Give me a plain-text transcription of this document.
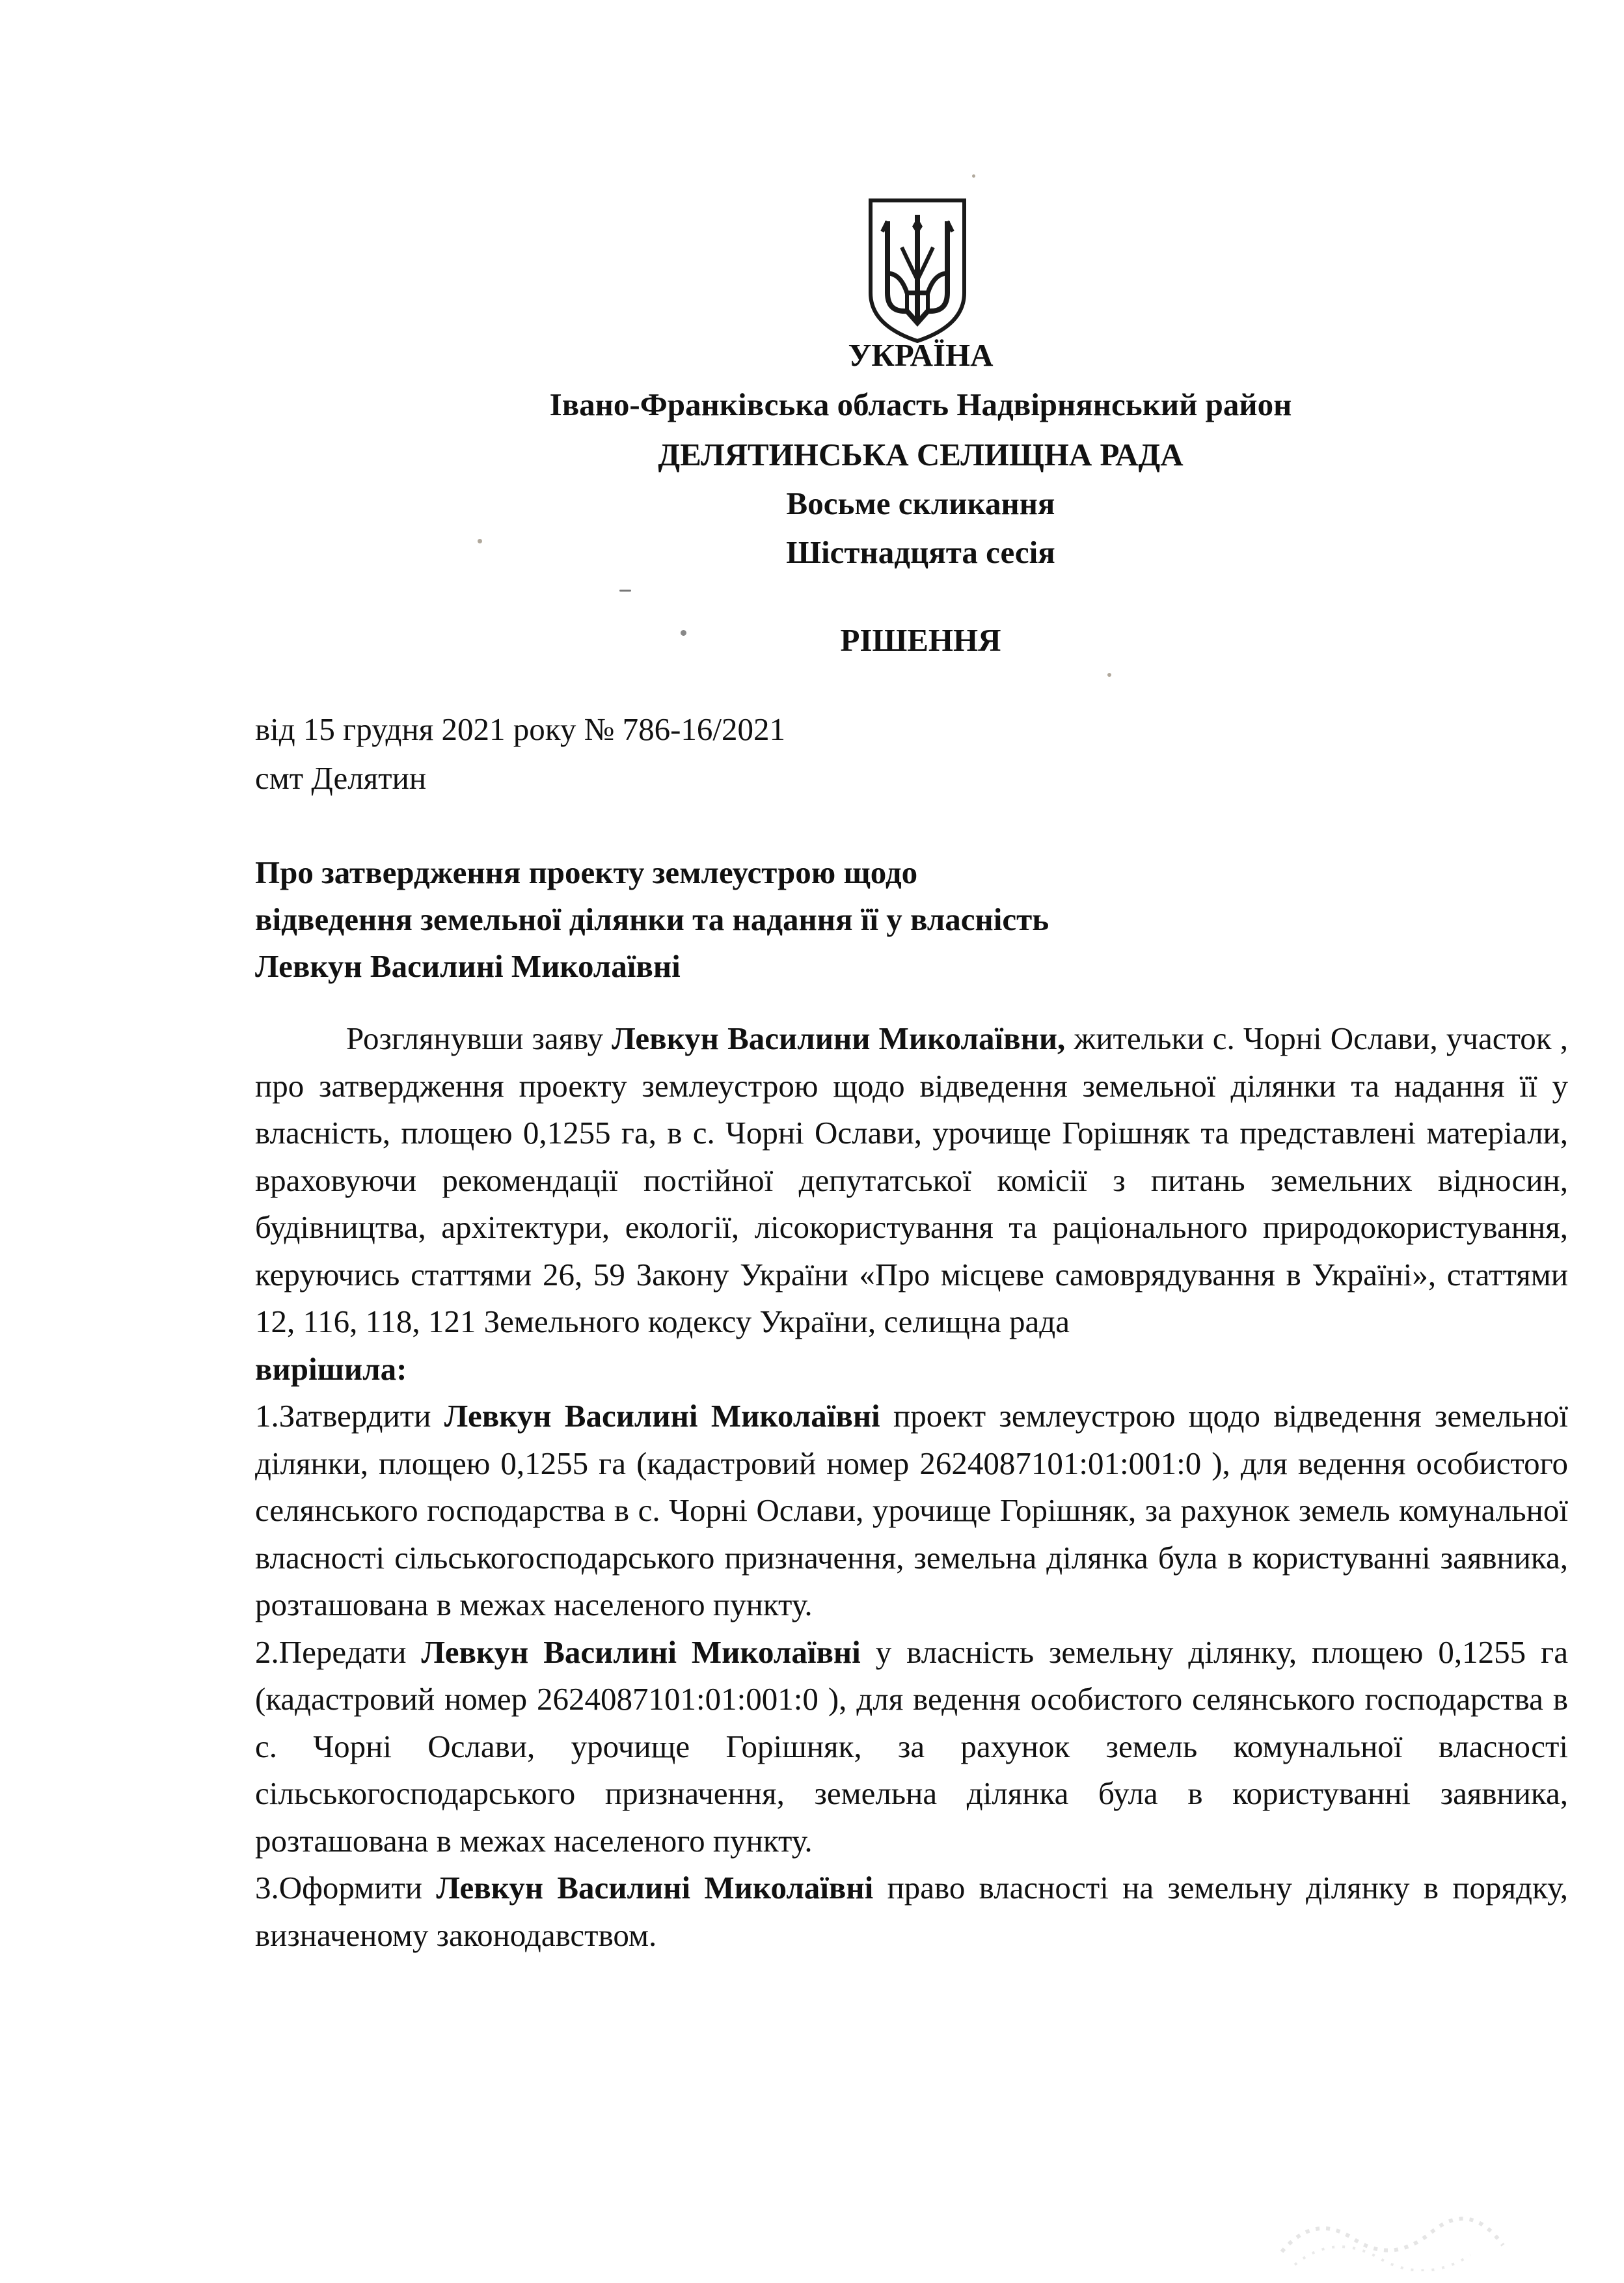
УКРАЇНА
Івано-Франківська область Надвірнянський район
ДЕЛЯТИНСЬКА СЕЛИЩНА РАДА
Восьме скликання
Шістнадцята сесія
РІШЕННЯ
від 15 грудня 2021 року № 786-16/2021
смт Делятин
Про затвердження проекту землеустрою щодо
відведення земельної ділянки та надання її у власність
Левкун Василині Миколаївні

Розглянувши заяву Левкун Василини Миколаївни, жительки с. Чорні Ослави, участок , про затвердження проекту землеустрою щодо відведення земельної ділянки та надання її у власність, площею 0,1255 га, в с. Чорні Ослави, урочище Горішняк та представлені матеріали, враховуючи рекомендації постійної депутатської комісії з питань земельних відносин, будівництва, архітектури, екології, лісокористування та раціонального природокористування, керуючись статтями 26, 59 Закону України «Про місцеве самоврядування в Україні», статтями 12, 116, 118, 121 Земельного кодексу України, селищна рада

вирішила:

1.Затвердити Левкун Василині Миколаївні проект землеустрою щодо відведення земельної ділянки, площею 0,1255 га (кадастровий номер 2624087101:01:001:0 ), для ведення особистого селянського господарства в с. Чорні Ослави, урочище Горішняк, за рахунок земель комунальної власності сільськогосподарського призначення, земельна ділянка була в користуванні заявника, розташована в межах населеного пункту.

2.Передати Левкун Василині Миколаївні у власність земельну ділянку, площею 0,1255 га (кадастровий номер 2624087101:01:001:0 ), для ведення особистого селянського господарства в с. Чорні Ослави, урочище Горішняк, за рахунок земель комунальної власності сільськогосподарського призначення, земельна ділянка була в користуванні заявника, розташована в межах населеного пункту.

3.Оформити Левкун Василині Миколаївні право власності на земельну ділянку в порядку, визначеному законодавством.
